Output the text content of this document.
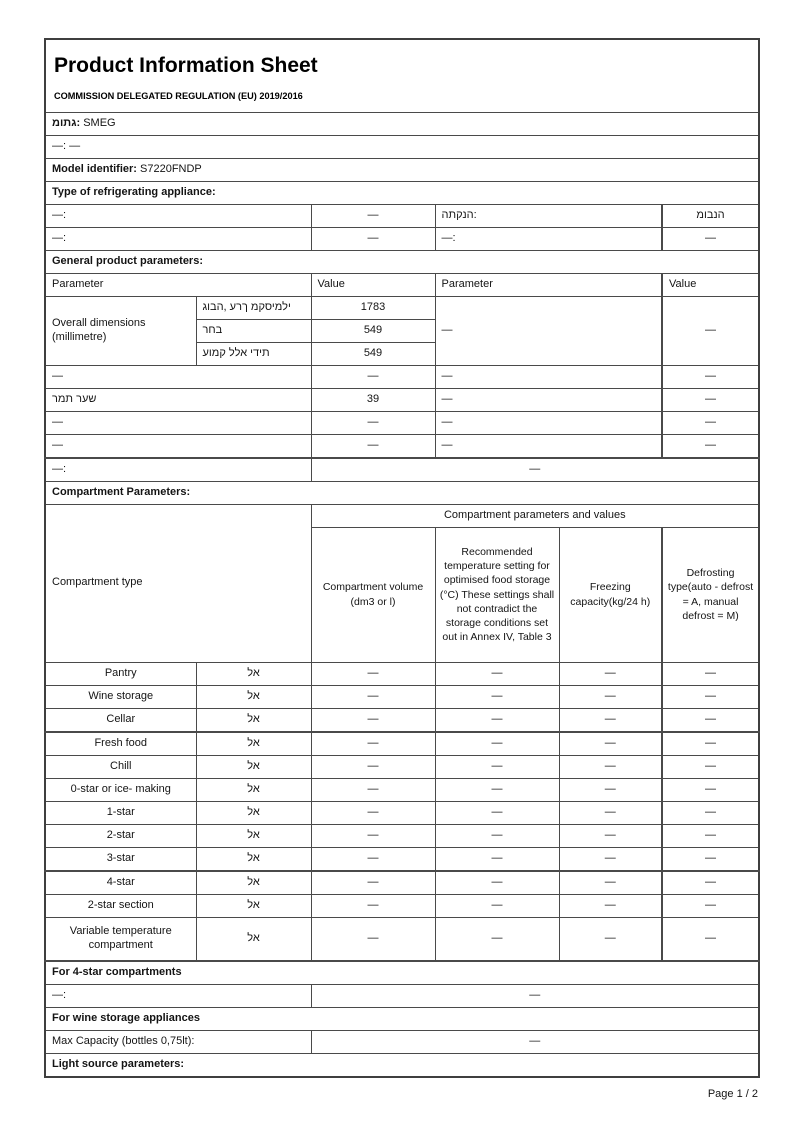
Product Information Sheet
COMMISSION DELEGATED REGULATION (EU) 2019/2016					

מותג: SMEG					
—: —					
Model identifier: S7220FNDP					
Type of refrigerating appliance:					
—:		—	התקנה:		מובנה
—:		—	—:		—
General product parameters:					
Parameter		Value	Parameter		Value
Overall dimensions (millimetre)	גובה, ערך מקסימלי	1783	—		—
	רחב	549			
	עומק ללא ידית	549			
—		—	—		—
רמת רעש		39	—		—
—		—	—		—
—		—	—		—
—:		—			
Compartment Parameters:					
Compartment type		Compartment parameters and values			
		Compartment volume (dm3 or l)	Recommended temperature setting for optimised food storage (°C) These settings shall not contradict the storage conditions set out in Annex IV, Table 3	Freezing capacity(kg/24 h)	Defrosting type(auto - defrost = A, manual defrost = M)
Pantry	לא	—	—	—	—
Wine storage	לא	—	—	—	—
Cellar	לא	—	—	—	—
Fresh food	לא	—	—	—	—
Chill	לא	—	—	—	—
0-star or ice- making	לא	—	—	—	—
1-star	לא	—	—	—	—
2-star	לא	—	—	—	—
3-star	לא	—	—	—	—
4-star	לא	—	—	—	—
2-star section	לא	—	—	—	—
Variable temperature compartment	לא	—	—	—	—
For 4-star compartments					
—:		—			
For wine storage appliances					
Max Capacity (bottles 0,75lt):		—			
Light source parameters:					
Page 1 / 2
